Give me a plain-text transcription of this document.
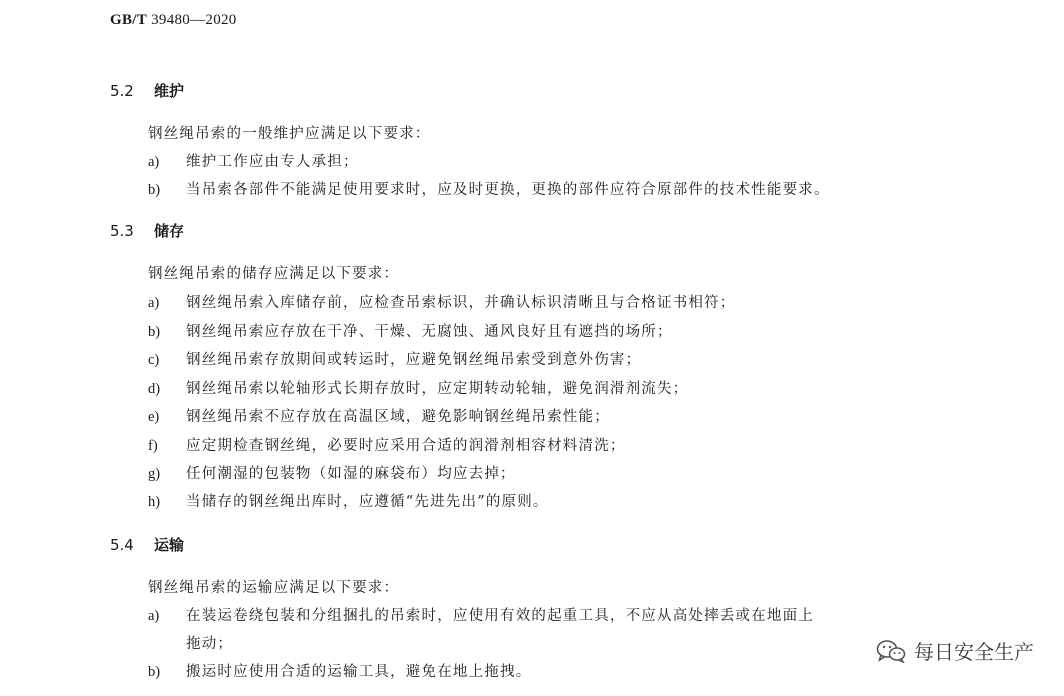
GB/T 39480—2020
5.2 维护
钢丝绳吊索的一般维护应满足以下要求：
a) 维护工作应由专人承担；
b) 当吊索各部件不能满足使用要求时，应及时更换，更换的部件应符合原部件的技术性能要求。
5.3 储存
钢丝绳吊索的储存应满足以下要求：
a) 钢丝绳吊索入库储存前，应检查吊索标识，并确认标识清晰且与合格证书相符；
b) 钢丝绳吊索应存放在干净、干燥、无腐蚀、通风良好且有遮挡的场所；
c) 钢丝绳吊索存放期间或转运时，应避免钢丝绳吊索受到意外伤害；
d) 钢丝绳吊索以轮轴形式长期存放时，应定期转动轮轴，避免润滑剂流失；
e) 钢丝绳吊索不应存放在高温区域，避免影响钢丝绳吊索性能；
f) 应定期检查钢丝绳，必要时应采用合适的润滑剂相容材料清洗；
g) 任何潮湿的包装物（如湿的麻袋布）均应去掉；
h) 当储存的钢丝绳出库时，应遵循“先进先出”的原则。
5.4 运输
钢丝绳吊索的运输应满足以下要求：
a) 在装运卷绕包装和分组捆扎的吊索时，应使用有效的起重工具，不应从高处摔丢或在地面上
拖动；
b) 搬运时应使用合适的运输工具，避免在地上拖拽。
每日安全生产
